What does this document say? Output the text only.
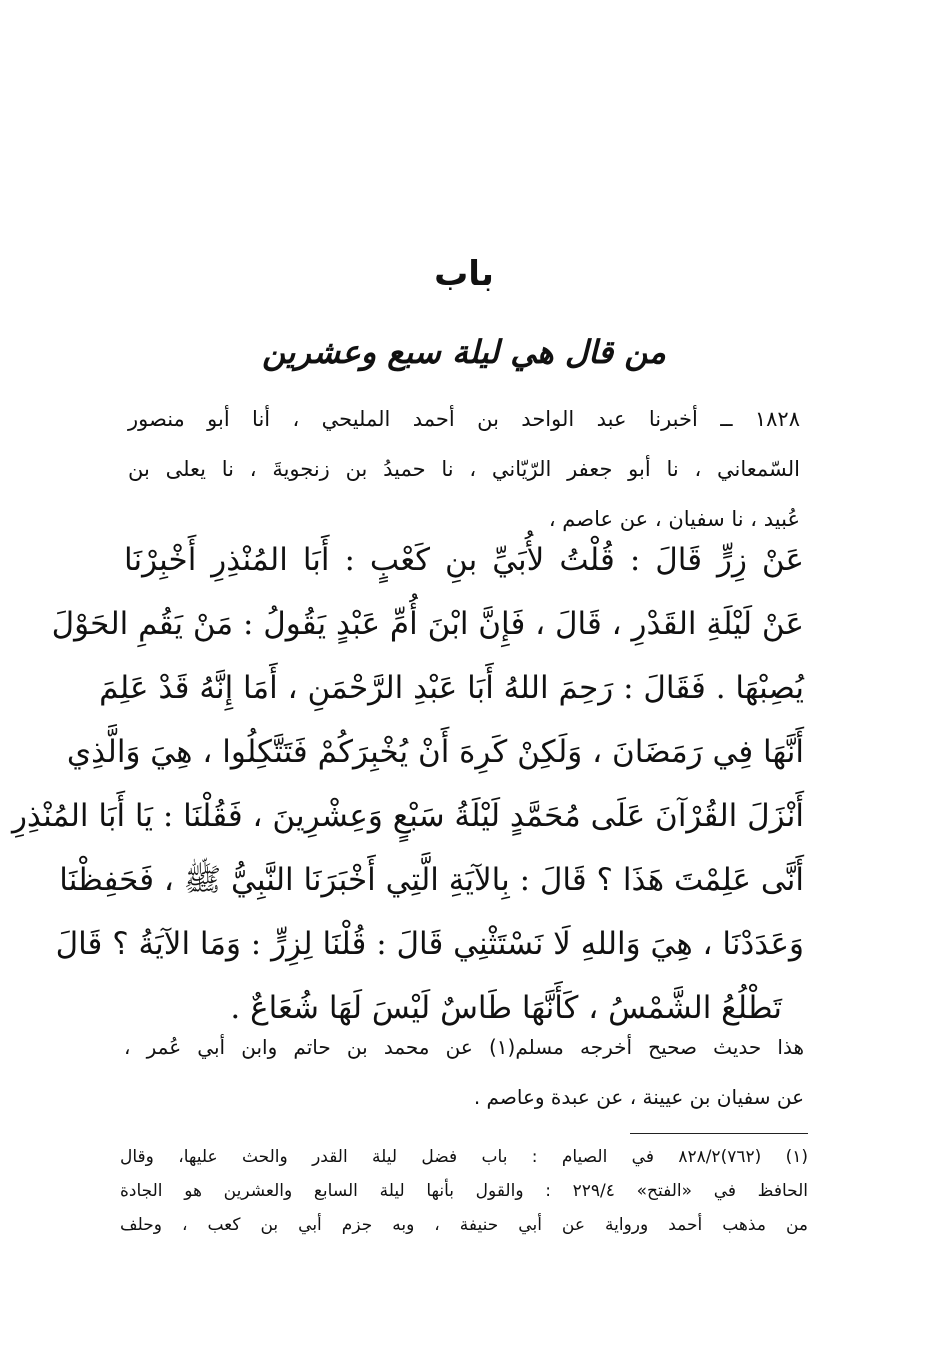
باب
من قال هي ليلة سبع وعشرين
١٨٢٨ ــ أخبرنا عبد الواحد بن أحمد المليحي ، أنا أبو منصور
السّمعاني ، نا أبو جعفر الرّيّاني ، نا حميدُ بن زنجويةَ ، نا يعلى بن
عُبيد ، نا سفيان ، عن عاصم ،
عَنْ زِرٍّ قَالَ : قُلْتُ لأُبَيِّ بنِ كَعْبٍ : أَبَا المُنْذِرِ أَخْبِرْنَا
عَنْ لَيْلَةِ القَدْرِ ، قَالَ ، فَإِنَّ ابْنَ أُمِّ عَبْدٍ يَقُولُ : مَنْ يَقُمِ الحَوْلَ
يُصِبْهَا . فَقَالَ : رَحِمَ اللهُ أَبَا عَبْدِ الرَّحْمَنِ ، أَمَا إِنَّهُ قَدْ عَلِمَ
أَنَّهَا فِي رَمَضَانَ ، وَلَكِنْ كَرِهَ أَنْ يُخْبِرَكُمْ فَتَتَّكِلُوا ، هِيَ وَالَّذِي
أَنْزَلَ القُرْآنَ عَلَى مُحَمَّدٍ لَيْلَةُ سَبْعٍ وَعِشْرِينَ ، فَقُلْنَا : يَا أَبَا المُنْذِرِ
أَنَّى عَلِمْتَ هَذَا ؟ قَالَ : بِالآيَةِ الَّتِي أَخْبَرَنَا النَّبِيُّ ﷺ ، فَحَفِظْنَا
وَعَدَدْنَا ، هِيَ وَاللهِ لَا نَسْتَثْنِي قَالَ : قُلْنَا لِزِرٍّ : وَمَا الآيَةُ ؟ قَالَ
تَطْلُعُ الشَّمْسُ ، كَأَنَّهَا طَاسٌ لَيْسَ لَهَا شُعَاعٌ .
هذا حديث صحيح أخرجه مسلم(١) عن محمد بن حاتم وابن أبي عُمر ،
عن سفيان بن عيينة ، عن عبدة وعاصم .
(١) (٧٦٢)٨٢٨/٢ في الصيام : باب فضل ليلة القدر والحث عليها، وقال
الحافظ في «الفتح» ٢٢٩/٤ : والقول بأنها ليلة السابع والعشرين هو الجادة
من مذهب أحمد ورواية عن أبي حنيفة ، وبه جزم أبي بن كعب ، وحلف
